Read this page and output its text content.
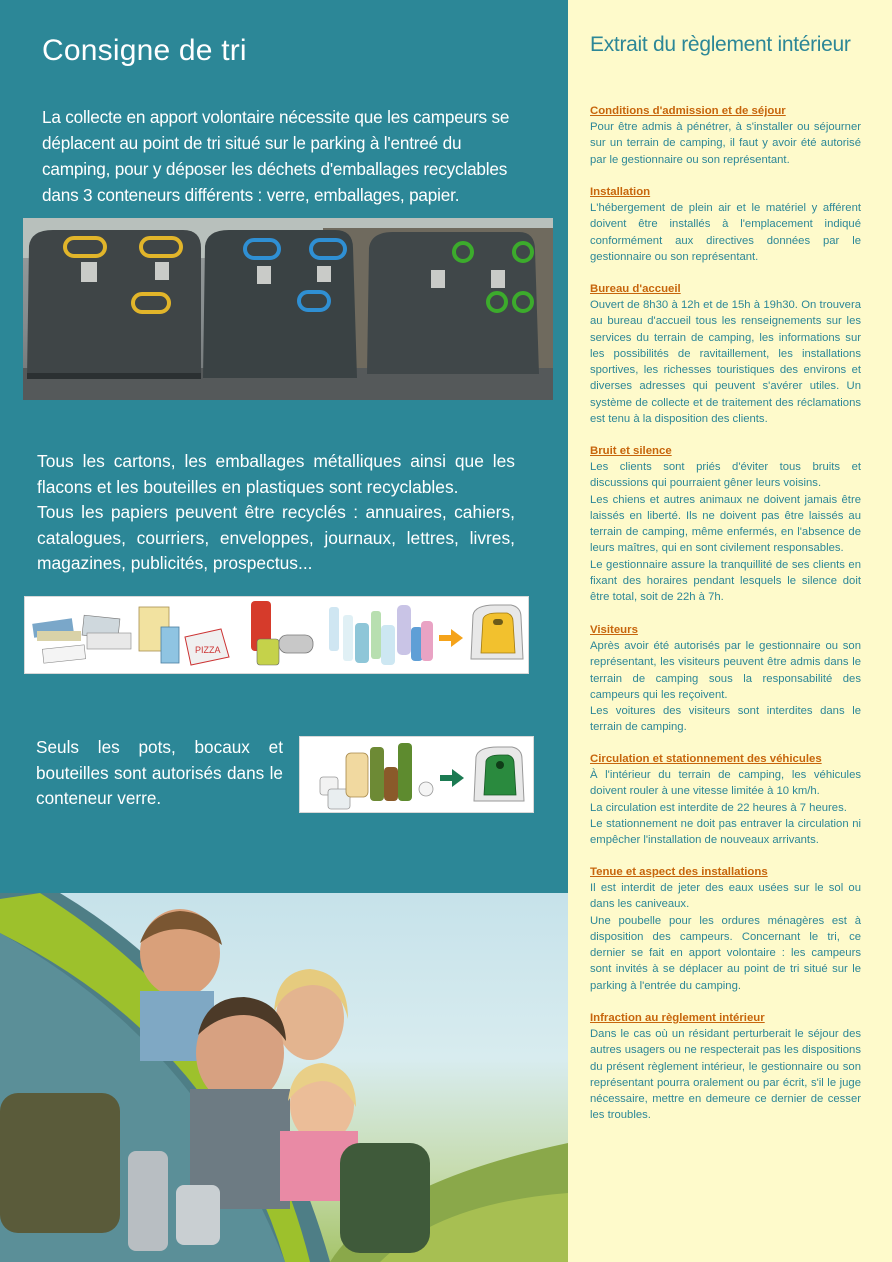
Consigne de tri

La collecte en apport volontaire nécessite que les campeurs se déplacent au point de tri situé sur le parking à l'entreé du camping, pour y déposer les déchets d'emballages recyclables dans 3 conteneurs différents : verre, emballages, papier.

Tous les cartons, les emballages métalliques ainsi que les flacons et les bouteilles en plastiques sont recyclables.
Tous les papiers peuvent être recyclés : annuaires, cahiers, catalogues, courriers, enveloppes, journaux, lettres, livres, magazines, publicités, prospectus...

PIZZA

Seuls les pots, bocaux et bouteilles sont autorisés dans le conteneur verre.

Extrait du règlement intérieur
Conditions d'admission et de séjour

Pour être admis à pénétrer, à s'installer ou séjourner sur un terrain de camping, il faut y avoir été autorisé par le gestionnaire ou son représentant.

Installation

L'hébergement de plein air et le matériel y afférent doivent être installés à l'emplacement indiqué conformément aux directives données par le gestionnaire ou son représentant.

Bureau d'accueil

Ouvert de 8h30 à 12h et de 15h à 19h30. On trouvera au bureau d'accueil tous les renseignements sur les services du terrain de camping, les informations sur les possibilités de ravitaillement, les installations sportives, les richesses touristiques des environs et diverses adresses qui peuvent s'avérer utiles. Un système de collecte et de traitement des réclamations est tenu à la disposition des clients.

Bruit et silence

Les clients sont priés d'éviter tous bruits et discussions qui pourraient gêner leurs voisins.
Les chiens et autres animaux ne doivent jamais être laissés en liberté. Ils ne doivent pas être laissés au terrain de camping, même enfermés, en l'absence de leurs maîtres, qui en sont civilement responsables.
Le gestionnaire assure la tranquillité de ses clients en fixant des horaires pendant lesquels le silence doit être total, soit de 22h à 7h.

Visiteurs

Après avoir été autorisés par le gestionnaire ou son représentant, les visiteurs peuvent être admis dans le terrain de camping sous la responsabilité des campeurs qui les reçoivent.
Les voitures des visiteurs sont interdites dans le terrain de camping.

Circulation et stationnement des véhicules

À l'intérieur du terrain de camping, les véhicules doivent rouler à une vitesse limitée à 10 km/h.
La circulation est interdite de 22 heures à 7 heures.
Le stationnement ne doit pas entraver la circulation ni empêcher l'installation de nouveaux arrivants.

Tenue et aspect des installations

Il est interdit de jeter des eaux usées sur le sol ou dans les caniveaux.
Une poubelle pour les ordures ménagères est à disposition des campeurs. Concernant le tri, ce dernier se fait en apport volontaire : les campeurs sont invités à se déplacer au point de tri situé sur le parking à l'entrée du camping.

Infraction au règlement intérieur

Dans le cas où un résidant perturberait le séjour des autres usagers ou ne respecterait pas les dispositions du présent règlement intérieur, le gestionnaire ou son représentant pourra oralement ou par écrit, s'il le juge nécessaire, mettre en demeure ce dernier de cesser les troubles.
